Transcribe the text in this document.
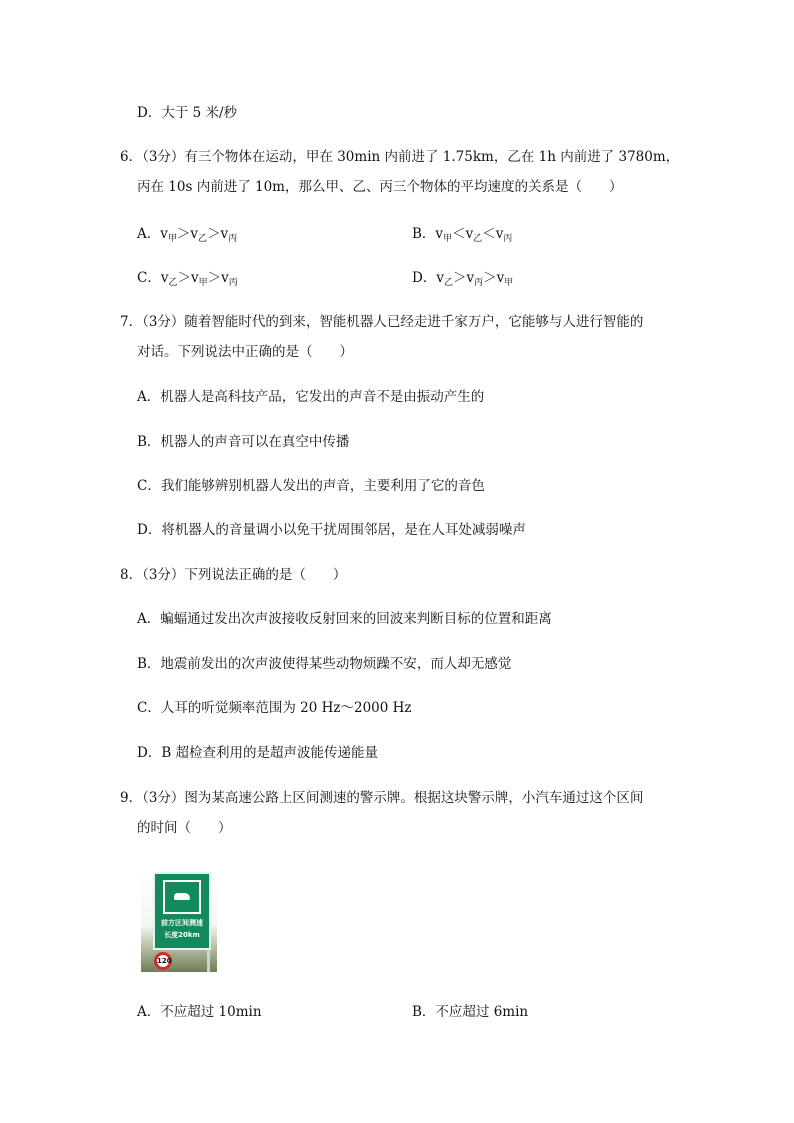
D．大于 5 米/秒
6．（3分）有三个物体在运动，甲在 30min 内前进了 1.75km，乙在 1h 内前进了 3780m，
丙在 10s 内前进了 10m，那么甲、乙、丙三个物体的平均速度的关系是（　　）
A．$v_甲>v_乙>v_丙$	B．$v_甲<v_乙<v_丙$
C．$v_乙>v_甲>v_丙$	D．$v_乙>v_丙>v_甲$
7．（3分）随着智能时代的到来，智能机器人已经走进千家万户，它能够与人进行智能的
对话。下列说法中正确的是（　　）
A．机器人是高科技产品，它发出的声音不是由振动产生的
B．机器人的声音可以在真空中传播
C．我们能够辨别机器人发出的声音，主要利用了它的音色
D．将机器人的音量调小以免干扰周围邻居，是在人耳处减弱噪声
8．（3分）下列说法正确的是（　　）
A．蝙蝠通过发出次声波接收反射回来的回波来判断目标的位置和距离
B．地震前发出的次声波使得某些动物烦躁不安，而人却无感觉
C．人耳的听觉频率范围为 20 Hz～2000 Hz
D．B 超检查利用的是超声波能传递能量
9．（3分）图为某高速公路上区间测速的警示牌。根据这块警示牌，小汽车通过这个区间
的时间（　　）
前方区间测速
长度20km
120
A．不应超过 10min	B．不应超过 6min
